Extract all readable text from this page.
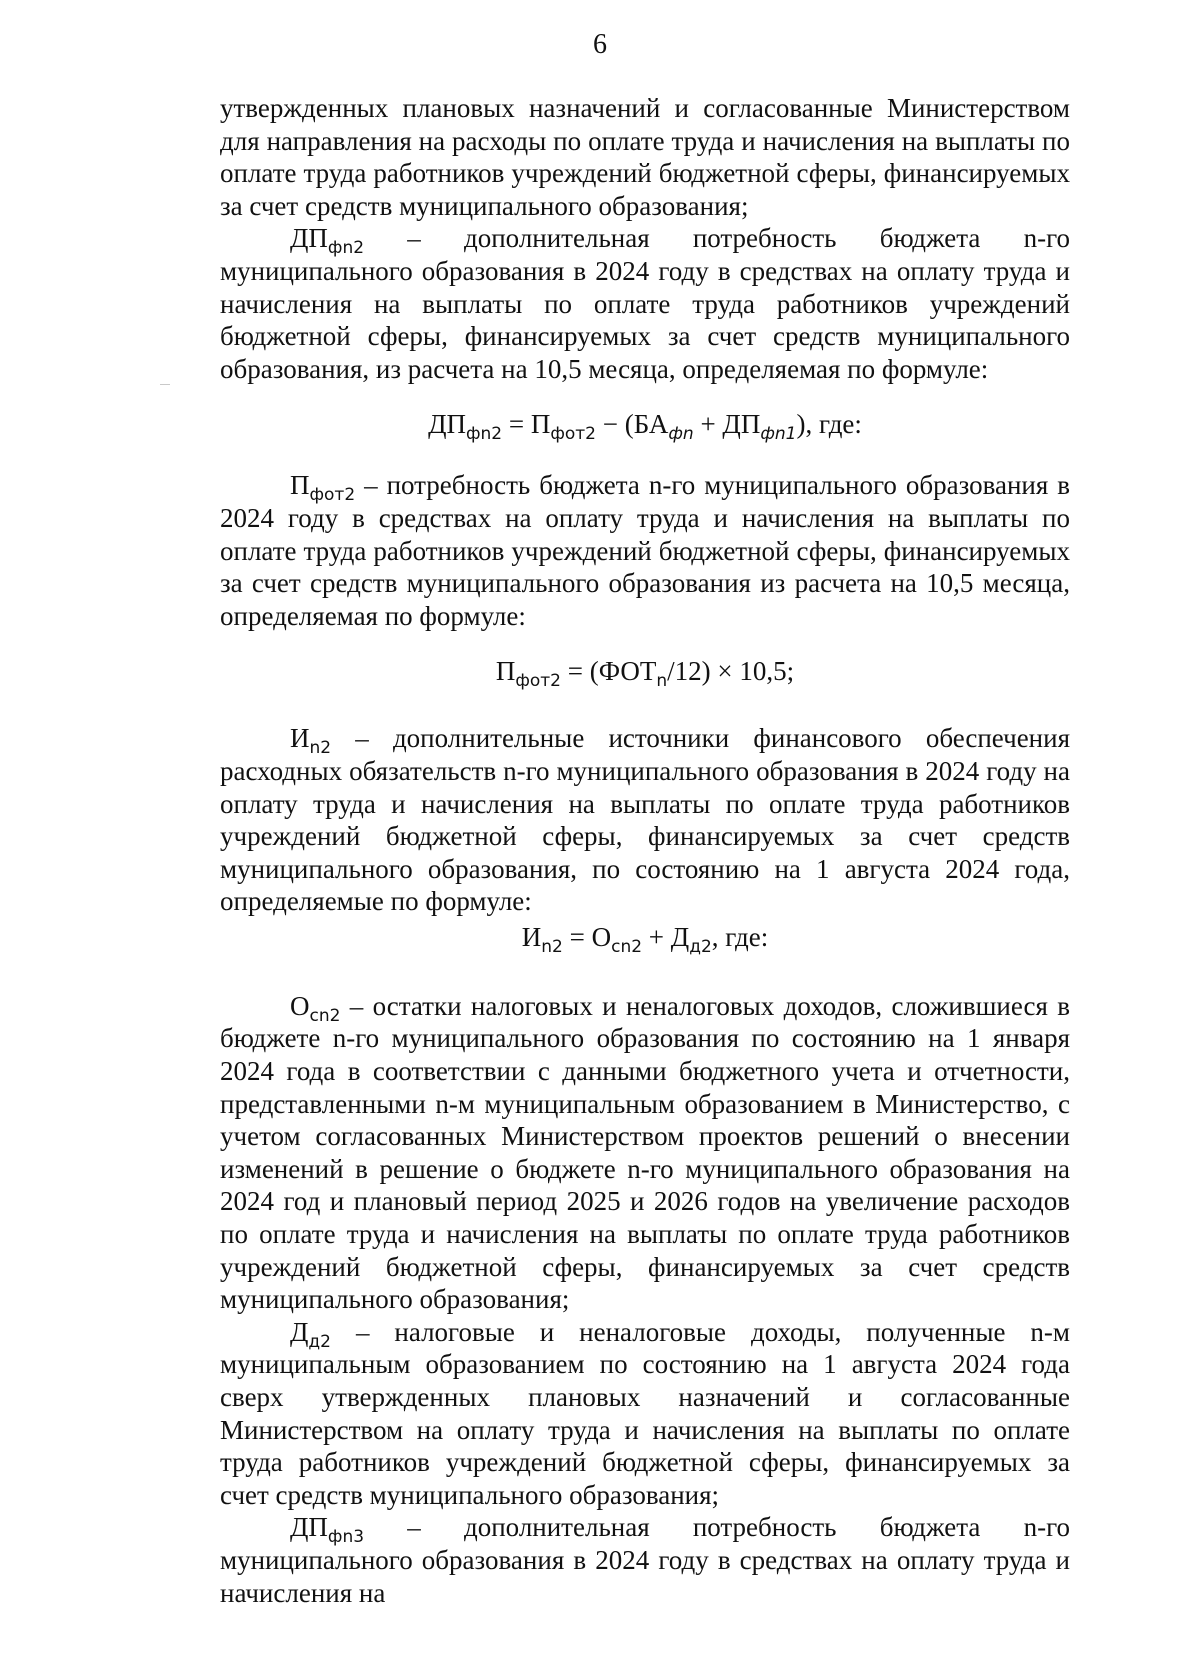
6

утвержденных плановых назначений и согласованные Министерством для направления на расходы по оплате труда и начисления на выплаты по оплате труда работников учреждений бюджетной сферы, финансируемых за счет средств муниципального образования;

$ДП_{фn2}$ – дополнительная потребность бюджета n-го муниципального образования в 2024 году в средствах на оплату труда и начисления на выплаты по оплате труда работников учреждений бюджетной сферы, финансируемых за счет средств муниципального образования, из расчета на 10,5 месяца, определяемая по формуле:

$ДП_{фn2} = П_{фот2} - (БА_{фn} + ДП_{фn1})$, где:

$П_{фот2}$ – потребность бюджета n-го муниципального образования в 2024 году в средствах на оплату труда и начисления на выплаты по оплате труда работников учреждений бюджетной сферы, финансируемых за счет средств муниципального образования из расчета на 10,5 месяца, определяемая по формуле:

$П_{фот2} = (ФОТ_n/12) \times 10,5$;

$И_{n2}$ – дополнительные источники финансового обеспечения расходных обязательств n-го муниципального образования в 2024 году на оплату труда и начисления на выплаты по оплате труда работников учреждений бюджетной сферы, финансируемых за счет средств муниципального образования, по состоянию на 1 августа 2024 года, определяемые по формуле:

$И_{n2} = О_{сn2} + Д_{д2}$, где:

$О_{сn2}$ – остатки налоговых и неналоговых доходов, сложившиеся в бюджете n-го муниципального образования по состоянию на 1 января 2024 года в соответствии с данными бюджетного учета и отчетности, представленными n-м муниципальным образованием в Министерство, с учетом согласованных Министерством проектов решений о внесении изменений в решение о бюджете n-го муниципального образования на 2024 год и плановый период 2025 и 2026 годов на увеличение расходов по оплате труда и начисления на выплаты по оплате труда работников учреждений бюджетной сферы, финансируемых за счет средств муниципального образования;

$Д_{д2}$ – налоговые и неналоговые доходы, полученные n-м муниципальным образованием по состоянию на 1 августа 2024 года сверх утвержденных плановых назначений и согласованные Министерством на оплату труда и начисления на выплаты по оплате труда работников учреждений бюджетной сферы, финансируемых за счет средств муниципального образования;

$ДП_{фn3}$ – дополнительная потребность бюджета n-го муниципального образования в 2024 году в средствах на оплату труда и начисления на
